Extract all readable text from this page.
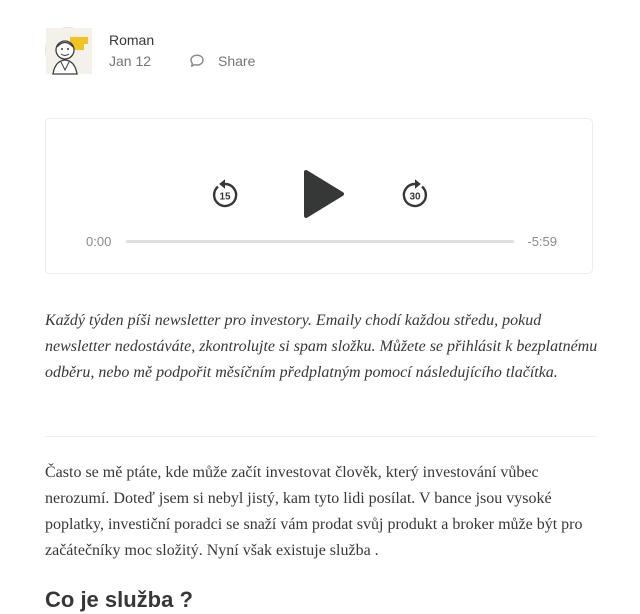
Roman
Jan 12	Share
15	30
0:00	-5:59

Každý týden píši newsletter pro investory. Emaily chodí každou středu, pokud newsletter nedostáváte, zkontrolujte si spam složku. Můžete se přihlásit k bezplatnému odběru, nebo mě podpořit měsíčním předplatným pomocí následujícího tlačítka.

Často se mě ptáte, kde může začít investovat člověk, který investování vůbec nerozumí. Doteď jsem si nebyl jistý, kam tyto lidi posílat. V bance jsou vysoké poplatky, investiční poradci se snaží vám prodat svůj produkt a broker může být pro začátečníky moc složitý. Nyní však existuje služba .

Co je služba ?
